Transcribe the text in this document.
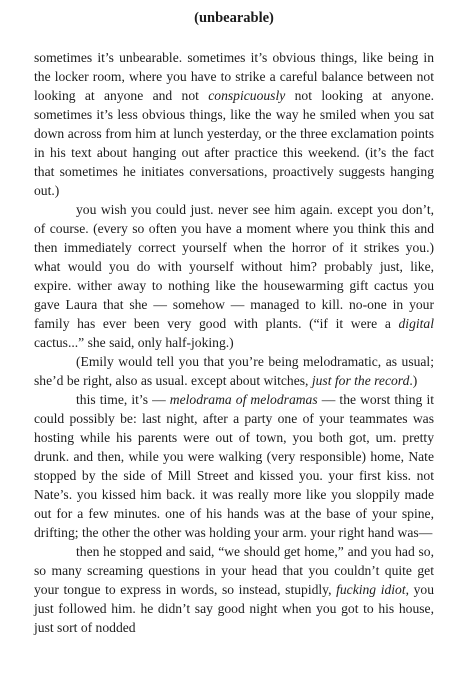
(unbearable)

sometimes it’s unbearable. sometimes it’s obvious things, like being in the locker room, where you have to strike a careful balance between not looking at anyone and not conspicuously not looking at anyone. sometimes it’s less obvious things, like the way he smiled when you sat down across from him at lunch yesterday, or the three exclamation points in his text about hanging out after practice this weekend. (it’s the fact that sometimes he initiates conversations, proactively suggests hanging out.)

you wish you could just. never see him again. except you don’t, of course. (every so often you have a moment where you think this and then immediately correct yourself when the horror of it strikes you.) what would you do with yourself without him? probably just, like, expire. wither away to nothing like the housewarming gift cactus you gave Laura that she — somehow — managed to kill. no-one in your family has ever been very good with plants. (“if it were a digital cactus...” she said, only half-joking.)

(Emily would tell you that you’re being melodramatic, as usual; she’d be right, also as usual. except about witches, just for the record.)

this time, it’s — melodrama of melodramas — the worst thing it could possibly be: last night, after a party one of your teammates was hosting while his parents were out of town, you both got, um. pretty drunk. and then, while you were walking (very responsible) home, Nate stopped by the side of Mill Street and kissed you. your first kiss. not Nate’s. you kissed him back. it was really more like you sloppily made out for a few minutes. one of his hands was at the base of your spine, drifting; the other the other was holding your arm. your right hand was—

then he stopped and said, “we should get home,” and you had so, so many screaming questions in your head that you couldn’t quite get your tongue to express in words, so instead, stupidly, fucking idiot, you just followed him. he didn’t say good night when you got to his house, just sort of nodded
